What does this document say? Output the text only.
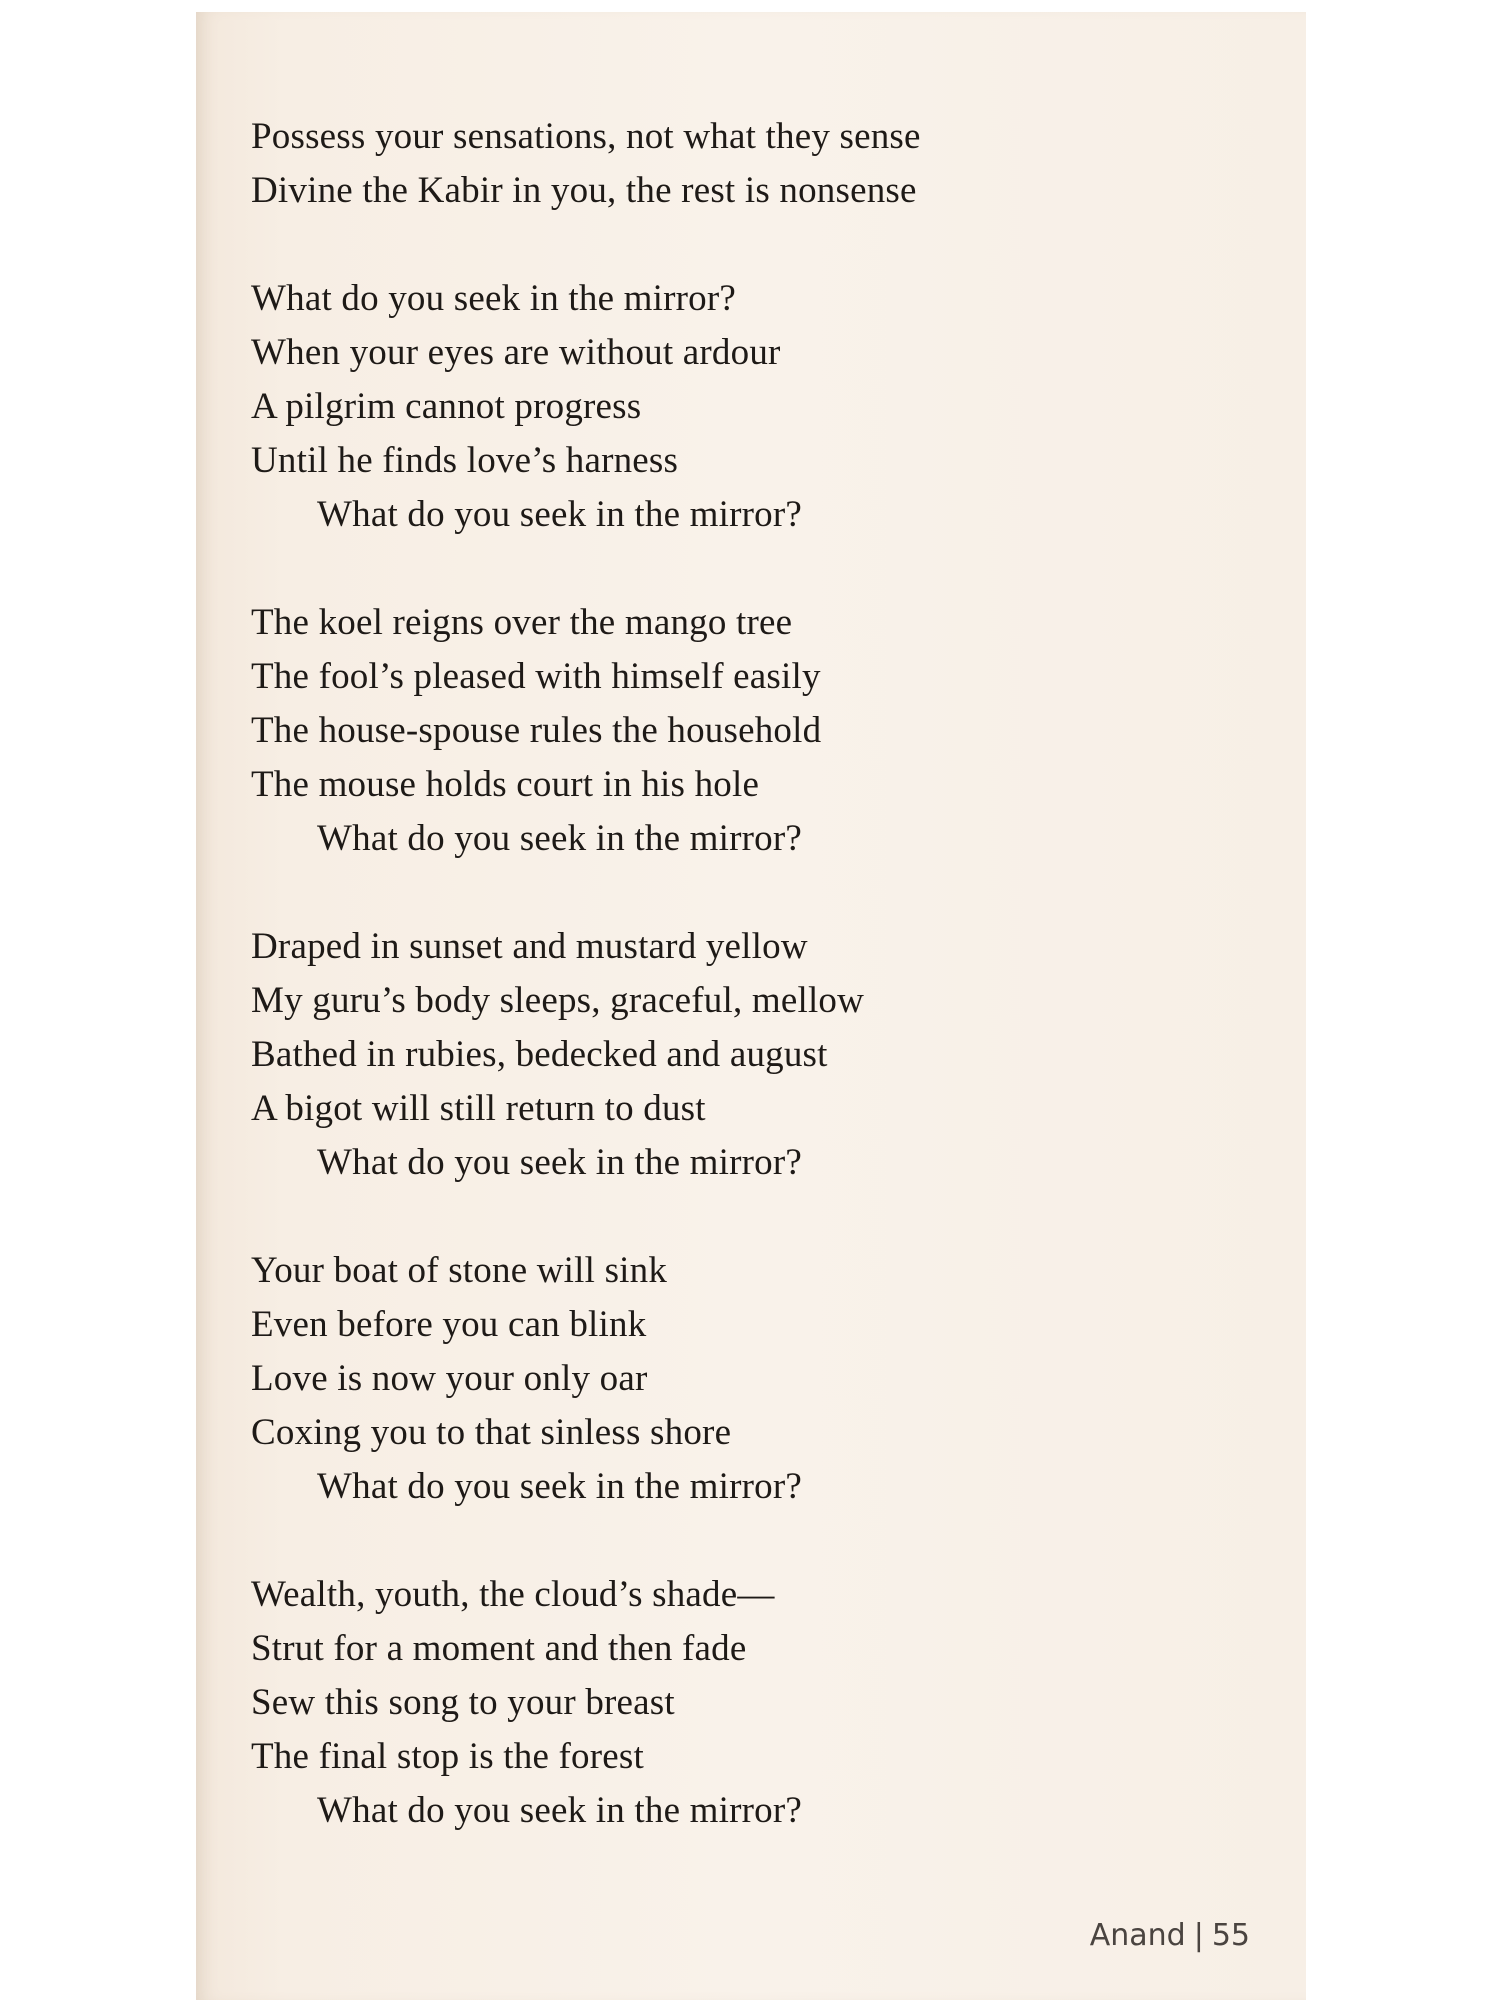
Possess your sensations, not what they sense
Divine the Kabir in you, the rest is nonsense
What do you seek in the mirror?
When your eyes are without ardour
A pilgrim cannot progress
Until he finds love’s harness
What do you seek in the mirror?
The koel reigns over the mango tree
The fool’s pleased with himself easily
The house-spouse rules the household
The mouse holds court in his hole
What do you seek in the mirror?
Draped in sunset and mustard yellow
My guru’s body sleeps, graceful, mellow
Bathed in rubies, bedecked and august
A bigot will still return to dust
What do you seek in the mirror?
Your boat of stone will sink
Even before you can blink
Love is now your only oar
Coxing you to that sinless shore
What do you seek in the mirror?
Wealth, youth, the cloud’s shade—
Strut for a moment and then fade
Sew this song to your breast
The final stop is the forest
What do you seek in the mirror?
Anand | 55
